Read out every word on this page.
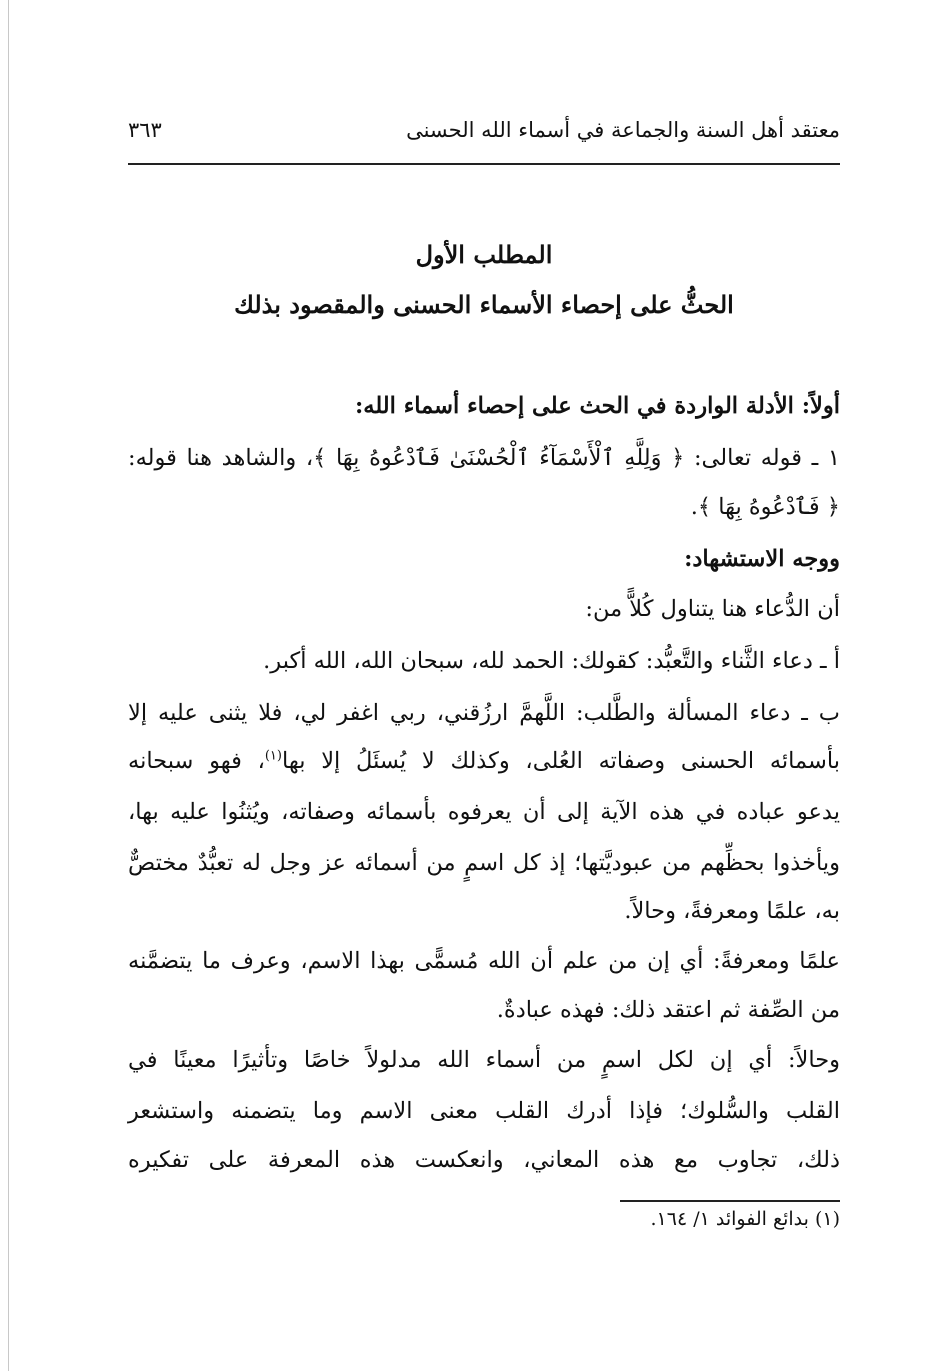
معتقد أهل السنة والجماعة في أسماء الله الحسنى
٣٦٣
المطلب الأول
الحثُّ على إحصاء الأسماء الحسنى والمقصود بذلك
أولاً: الأدلة الواردة في الحث على إحصاء أسماء الله:
١ ـ قوله تعالى: ﴿ وَلِلَّهِ ٱلْأَسْمَآءُ ٱلْحُسْنَىٰ فَٱدْعُوهُ بِهَا ﴾، والشاهد هنا قوله:
﴿ فَٱدْعُوهُ بِهَا ﴾.
ووجه الاستشهاد:
أن الدُّعاء هنا يتناول كُلاًّ من:
أ ـ دعاء الثَّناء والتَّعبُّد: كقولك: الحمد لله، سبحان الله، الله أكبر.
ب ـ دعاء المسألة والطَّلب: اللَّهمَّ ارزُقني، ربي اغفر لي، فلا يثنى عليه إلا
بأسمائه الحسنى وصفاته العُلى، وكذلك لا يُسئَلُ إلا بها$^{(١)}$، فهو سبحانه
يدعو عباده في هذه الآية إلى أن يعرفوه بأسمائه وصفاته، ويُثنُوا عليه بها،
ويأخذوا بحظِّهم من عبوديَّتها؛ إذ كل اسمٍ من أسمائه عز وجل له تعبُّدٌ مختصٌّ
به، علمًا ومعرفةً، وحالاً.
علمًا ومعرفةً: أي إن من علم أن الله مُسمًّى بهذا الاسم، وعرف ما يتضمَّنه
من الصِّفة ثم اعتقد ذلك: فهذه عبادةٌ.
وحالاً: أي إن لكل اسمٍ من أسماء الله مدلولاً خاصًا وتأثيرًا معينًا في
القلب والسُّلوك؛ فإذا أدرك القلب معنى الاسم وما يتضمنه واستشعر
ذلك، تجاوب مع هذه المعاني، وانعكست هذه المعرفة على تفكيره
(١) بدائع الفوائد ١/ ١٦٤.
